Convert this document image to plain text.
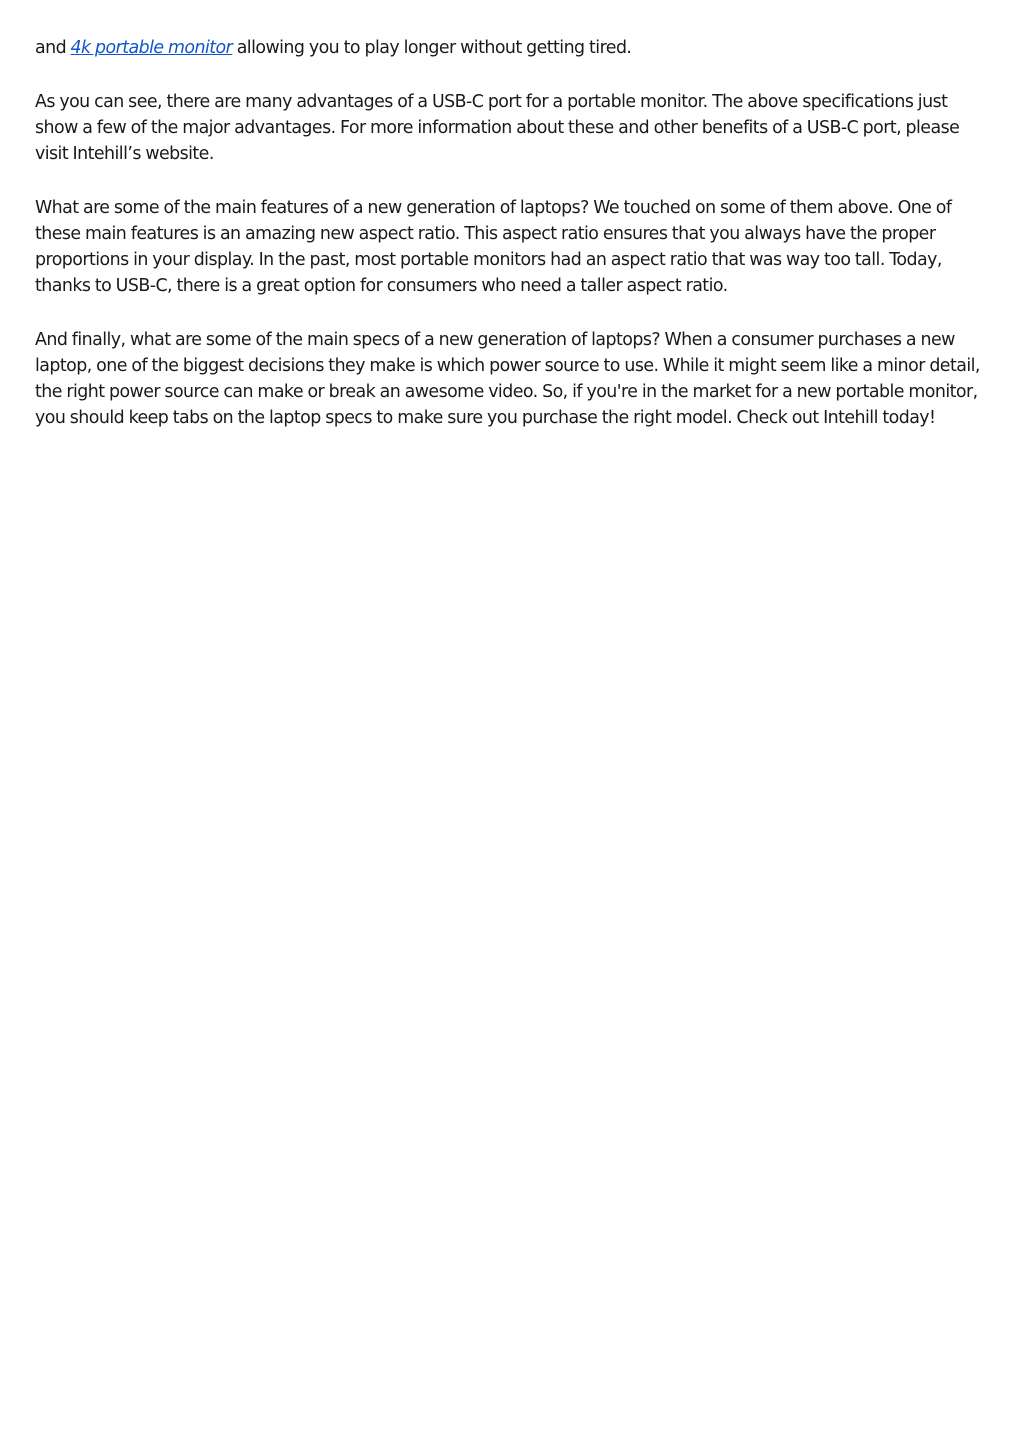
and 4k portable monitor allowing you to play longer without getting tired.

As you can see, there are many advantages of a USB-C port for a portable monitor. The above specifications just show a few of the major advantages. For more information about these and other benefits of a USB-C port, please visit Intehill’s website.

What are some of the main features of a new generation of laptops? We touched on some of them above. One of these main features is an amazing new aspect ratio. This aspect ratio ensures that you always have the proper proportions in your display. In the past, most portable monitors had an aspect ratio that was way too tall. Today, thanks to USB-C, there is a great option for consumers who need a taller aspect ratio.

And finally, what are some of the main specs of a new generation of laptops? When a consumer purchases a new laptop, one of the biggest decisions they make is which power source to use. While it might seem like a minor detail, the right power source can make or break an awesome video. So, if you're in the market for a new portable monitor, you should keep tabs on the laptop specs to make sure you purchase the right model. Check out Intehill today!
